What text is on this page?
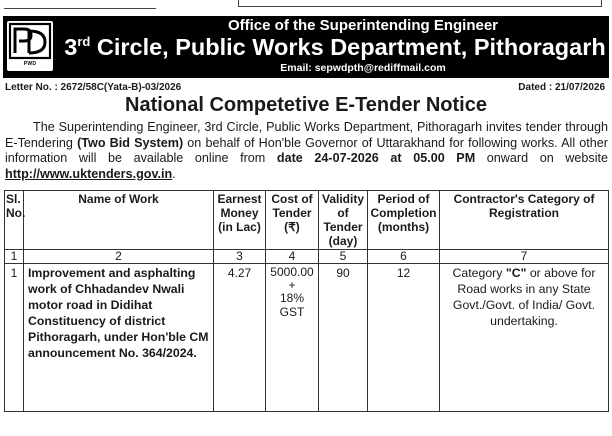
PWD
Office of the Superintending Engineer
3rd Circle, Public Works Department, Pithoragarh
Email: sepwdpth@rediffmail.com
Letter No. : 2672/58C(Yata-B)-03/2026	Dated : 21/07/2026
National Competetive E-Tender Notice
The Superintending Engineer, 3rd Circle, Public Works Department, Pithoragarh invites tender through E-Tendering (Two Bid System) on behalf of Hon'ble Governor of Uttarakhand for following works. All other information will be available online from date 24-07-2026 at 05.00 PM onward on website http://www.uktenders.gov.in.
Sl. No.	Name of Work	Earnest Money (in Lac)	Cost of Tender (₹)	Validity of Tender (day)	Period of Completion (months)	Contractor's Category of Registration
1	2	3	4	5	6	7
1	Improvement and asphalting work of Chhadandev Nwali motor road in Didihat Constituency of district Pithoragarh, under Hon'ble CM announcement No. 364/2024.	4.27	5000.00
+
18%
GST	90	12	Category "C" or above for Road works in any State Govt./Govt. of India/ Govt. undertaking.
